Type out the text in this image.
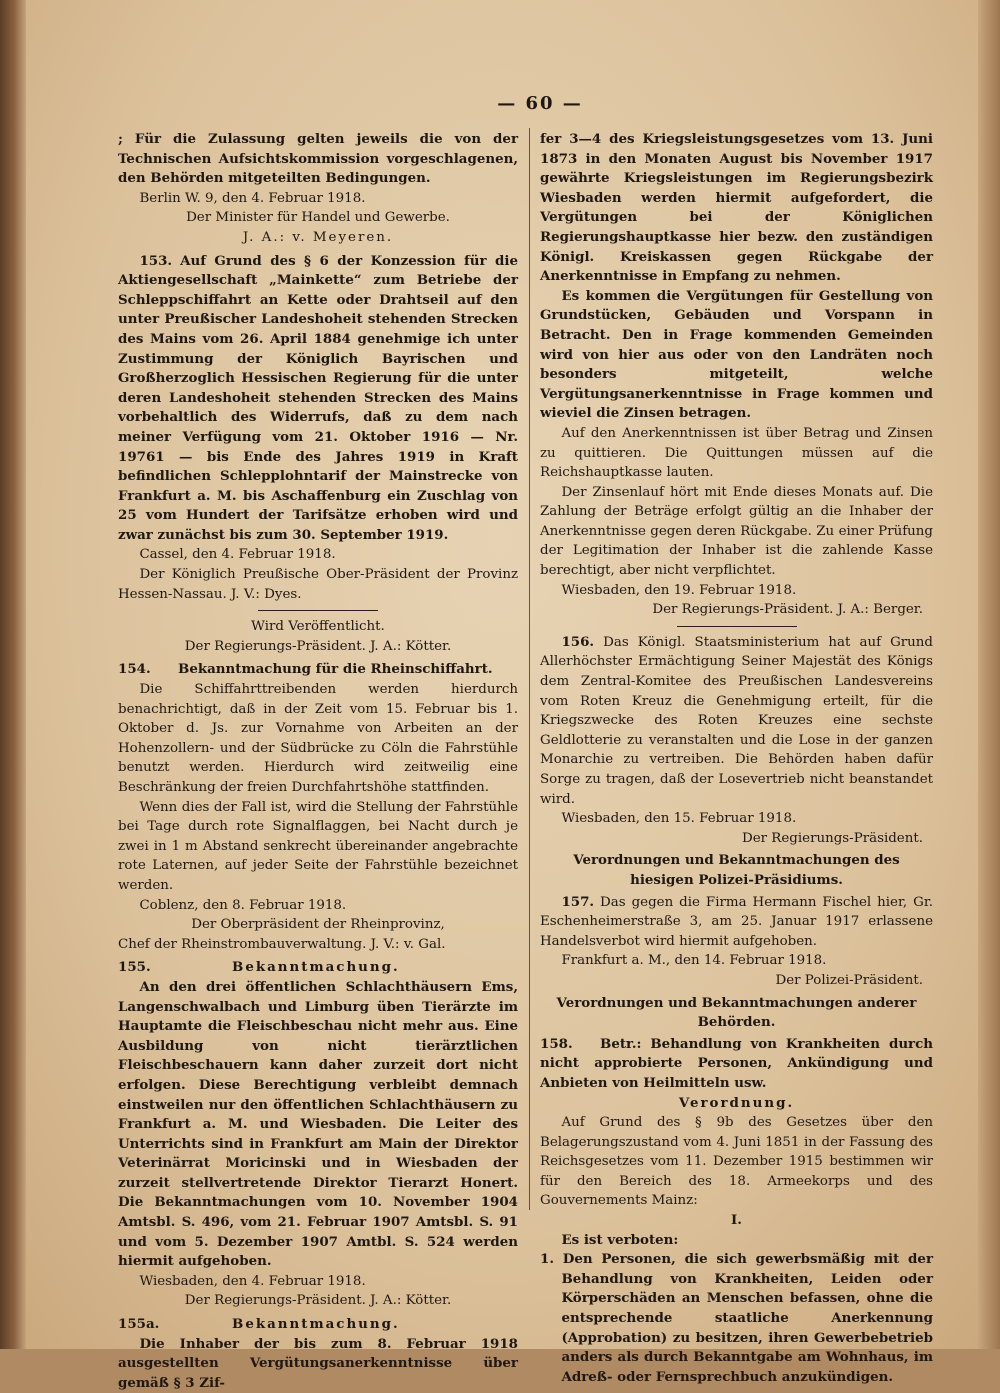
— 60 —

; Für die Zulassung gelten jeweils die von der Technischen Aufsichtskommission vorgeschlagenen, den Behörden mitgeteilten Bedingungen.

Berlin W. 9, den 4. Februar 1918.

Der Minister für Handel und Gewerbe.

J. A.: v. Meyeren.

153. Auf Grund des § 6 der Konzession für die Aktiengesellschaft „Mainkette“ zum Betriebe der Schleppschiffahrt an Kette oder Drahtseil auf den unter Preußischer Landeshoheit stehenden Strecken des Mains vom 26. April 1884 genehmige ich unter Zustimmung der Königlich Bayrischen und Großherzoglich Hessischen Regierung für die unter deren Landeshoheit stehenden Strecken des Mains vorbehaltlich des Widerrufs, daß zu dem nach meiner Verfügung vom 21. Oktober 1916 — Nr. 19761 — bis Ende des Jahres 1919 in Kraft befindlichen Schlepplohntarif der Mainstrecke von Frankfurt a. M. bis Aschaffenburg ein Zuschlag von 25 vom Hundert der Tarifsätze erhoben wird und zwar zunächst bis zum 30. September 1919.

Cassel, den 4. Februar 1918.

Der Königlich Preußische Ober-Präsident der Provinz Hessen-Nassau. J. V.: Dyes.

Wird Veröffentlicht.

Der Regierungs-Präsident. J. A.: Kötter.

154. Bekanntmachung für die Rheinschiffahrt.

Die Schiffahrttreibenden werden hierdurch benachrichtigt, daß in der Zeit vom 15. Februar bis 1. Oktober d. Js. zur Vornahme von Arbeiten an der Hohenzollern- und der Südbrücke zu Cöln die Fahrstühle benutzt werden. Hierdurch wird zeitweilig eine Beschränkung der freien Durchfahrtshöhe stattfinden.

Wenn dies der Fall ist, wird die Stellung der Fahrstühle bei Tage durch rote Signalflaggen, bei Nacht durch je zwei in 1 m Abstand senkrecht übereinander angebrachte rote Laternen, auf jeder Seite der Fahrstühle bezeichnet werden.

Coblenz, den 8. Februar 1918.

Der Oberpräsident der Rheinprovinz,

Chef der Rheinstrombauverwaltung. J. V.: v. Gal.

155.	Bekanntmachung.

An den drei öffentlichen Schlachthäusern Ems, Langenschwalbach und Limburg üben Tierärzte im Hauptamte die Fleischbeschau nicht mehr aus. Eine Ausbildung von nicht tierärztlichen Fleischbeschauern kann daher zurzeit dort nicht erfolgen. Diese Berechtigung verbleibt demnach einstweilen nur den öffentlichen Schlachthäusern zu Frankfurt a. M. und Wiesbaden. Die Leiter des Unterrichts sind in Frankfurt am Main der Direktor Veterinärrat Moricinski und in Wiesbaden der zurzeit stellvertretende Direktor Tierarzt Honert. Die Bekanntmachungen vom 10. November 1904 Amtsbl. S. 496, vom 21. Februar 1907 Amtsbl. S. 91 und vom 5. Dezember 1907 Amtbl. S. 524 werden hiermit aufgehoben.

Wiesbaden, den 4. Februar 1918.

Der Regierungs-Präsident. J. A.: Kötter.

155a.	Bekanntmachung.

Die Inhaber der bis zum 8. Februar 1918 ausgestellten Vergütungsanerkenntnisse über gemäß § 3 Zif-

fer 3—4 des Kriegsleistungsgesetzes vom 13. Juni 1873 in den Monaten August bis November 1917 gewährte Kriegsleistungen im Regierungsbezirk Wiesbaden werden hiermit aufgefordert, die Vergütungen bei der Königlichen Regierungshauptkasse hier bezw. den zuständigen Königl. Kreiskassen gegen Rückgabe der Anerkenntnisse in Empfang zu nehmen.

Es kommen die Vergütungen für Gestellung von Grundstücken, Gebäuden und Vorspann in Betracht. Den in Frage kommenden Gemeinden wird von hier aus oder von den Landräten noch besonders mitgeteilt, welche Vergütungsanerkenntnisse in Frage kommen und wieviel die Zinsen betragen.

Auf den Anerkenntnissen ist über Betrag und Zinsen zu quittieren. Die Quittungen müssen auf die Reichshauptkasse lauten.

Der Zinsenlauf hört mit Ende dieses Monats auf. Die Zahlung der Beträge erfolgt gültig an die Inhaber der Anerkenntnisse gegen deren Rückgabe. Zu einer Prüfung der Legitimation der Inhaber ist die zahlende Kasse berechtigt, aber nicht verpflichtet.

Wiesbaden, den 19. Februar 1918.

Der Regierungs-Präsident. J. A.: Berger.

156. Das Königl. Staatsministerium hat auf Grund Allerhöchster Ermächtigung Seiner Majestät des Königs dem Zentral-Komitee des Preußischen Landesvereins vom Roten Kreuz die Genehmigung erteilt, für die Kriegszwecke des Roten Kreuzes eine sechste Geldlotterie zu veranstalten und die Lose in der ganzen Monarchie zu vertreiben. Die Behörden haben dafür Sorge zu tragen, daß der Losevertrieb nicht beanstandet wird.

Wiesbaden, den 15. Februar 1918.

Der Regierungs-Präsident.

Verordnungen und Bekanntmachungen des hiesigen Polizei-Präsidiums.

157. Das gegen die Firma Hermann Fischel hier, Gr. Eschenheimerstraße 3, am 25. Januar 1917 erlassene Handelsverbot wird hiermit aufgehoben.

Frankfurt a. M., den 14. Februar 1918.

Der Polizei-Präsident.

Verordnungen und Bekanntmachungen anderer Behörden.

158. Betr.: Behandlung von Krankheiten durch nicht approbierte Personen, Ankündigung und Anbieten von Heilmitteln usw.

Verordnung.

Auf Grund des § 9b des Gesetzes über den Belagerungszustand vom 4. Juni 1851 in der Fassung des Reichsgesetzes vom 11. Dezember 1915 bestimmen wir für den Bereich des 18. Armeekorps und des Gouvernements Mainz:

I.

Es ist verboten:

1. Den Personen, die sich gewerbsmäßig mit der Behandlung von Krankheiten, Leiden oder Körperschäden an Menschen befassen, ohne die entsprechende staatliche Anerkennung (Approbation) zu besitzen, ihren Gewerbebetrieb anders als durch Bekanntgabe am Wohnhaus, im Adreß- oder Fernsprechbuch anzukündigen.
